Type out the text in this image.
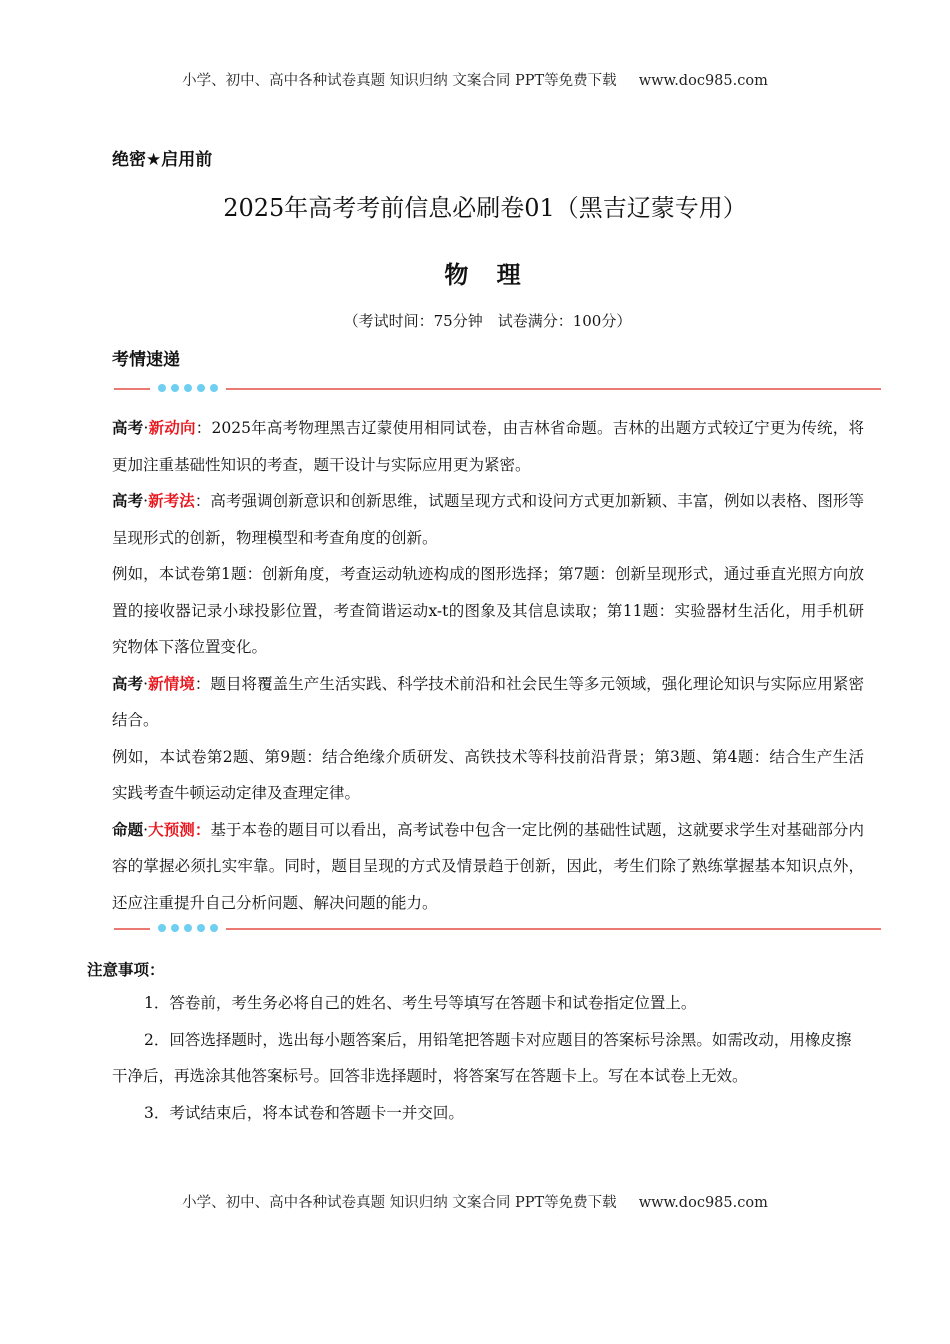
小学、初中、高中各种试卷真题 知识归纳 文案合同 PPT等免费下载 www.doc985.com
绝密★启用前
2025年高考考前信息必刷卷01（黑吉辽蒙专用）
物 理
（考试时间：75分钟　试卷满分：100分）
考情速递

高考·新动向：2025年高考物理黑吉辽蒙使用相同试卷，由吉林省命题。吉林的出题方式较辽宁更为传统，将更加注重基础性知识的考查，题干设计与实际应用更为紧密。

高考·新考法：高考强调创新意识和创新思维，试题呈现方式和设问方式更加新颖、丰富，例如以表格、图形等呈现形式的创新，物理模型和考查角度的创新。

例如，本试卷第1题：创新角度，考查运动轨迹构成的图形选择；第7题：创新呈现形式，通过垂直光照方向放置的接收器记录小球投影位置，考查简谐运动x-t的图象及其信息读取；第11题：实验器材生活化，用手机研究物体下落位置变化。

高考·新情境：题目将覆盖生产生活实践、科学技术前沿和社会民生等多元领域，强化理论知识与实际应用紧密结合。

例如，本试卷第2题、第9题：结合绝缘介质研发、高铁技术等科技前沿背景；第3题、第4题：结合生产生活实践考查牛顿运动定律及查理定律。

命题·大预测：基于本卷的题目可以看出，高考试卷中包含一定比例的基础性试题，这就要求学生对基础部分内容的掌握必须扎实牢靠。同时，题目呈现的方式及情景趋于创新，因此，考生们除了熟练掌握基本知识点外，还应注重提升自己分析问题、解决问题的能力。

注意事项：

1．答卷前，考生务必将自己的姓名、考生号等填写在答题卡和试卷指定位置上。

2．回答选择题时，选出每小题答案后，用铅笔把答题卡对应题目的答案标号涂黑。如需改动，用橡皮擦干净后，再选涂其他答案标号。回答非选择题时，将答案写在答题卡上。写在本试卷上无效。

3．考试结束后，将本试卷和答题卡一并交回。

小学、初中、高中各种试卷真题 知识归纳 文案合同 PPT等免费下载 www.doc985.com
